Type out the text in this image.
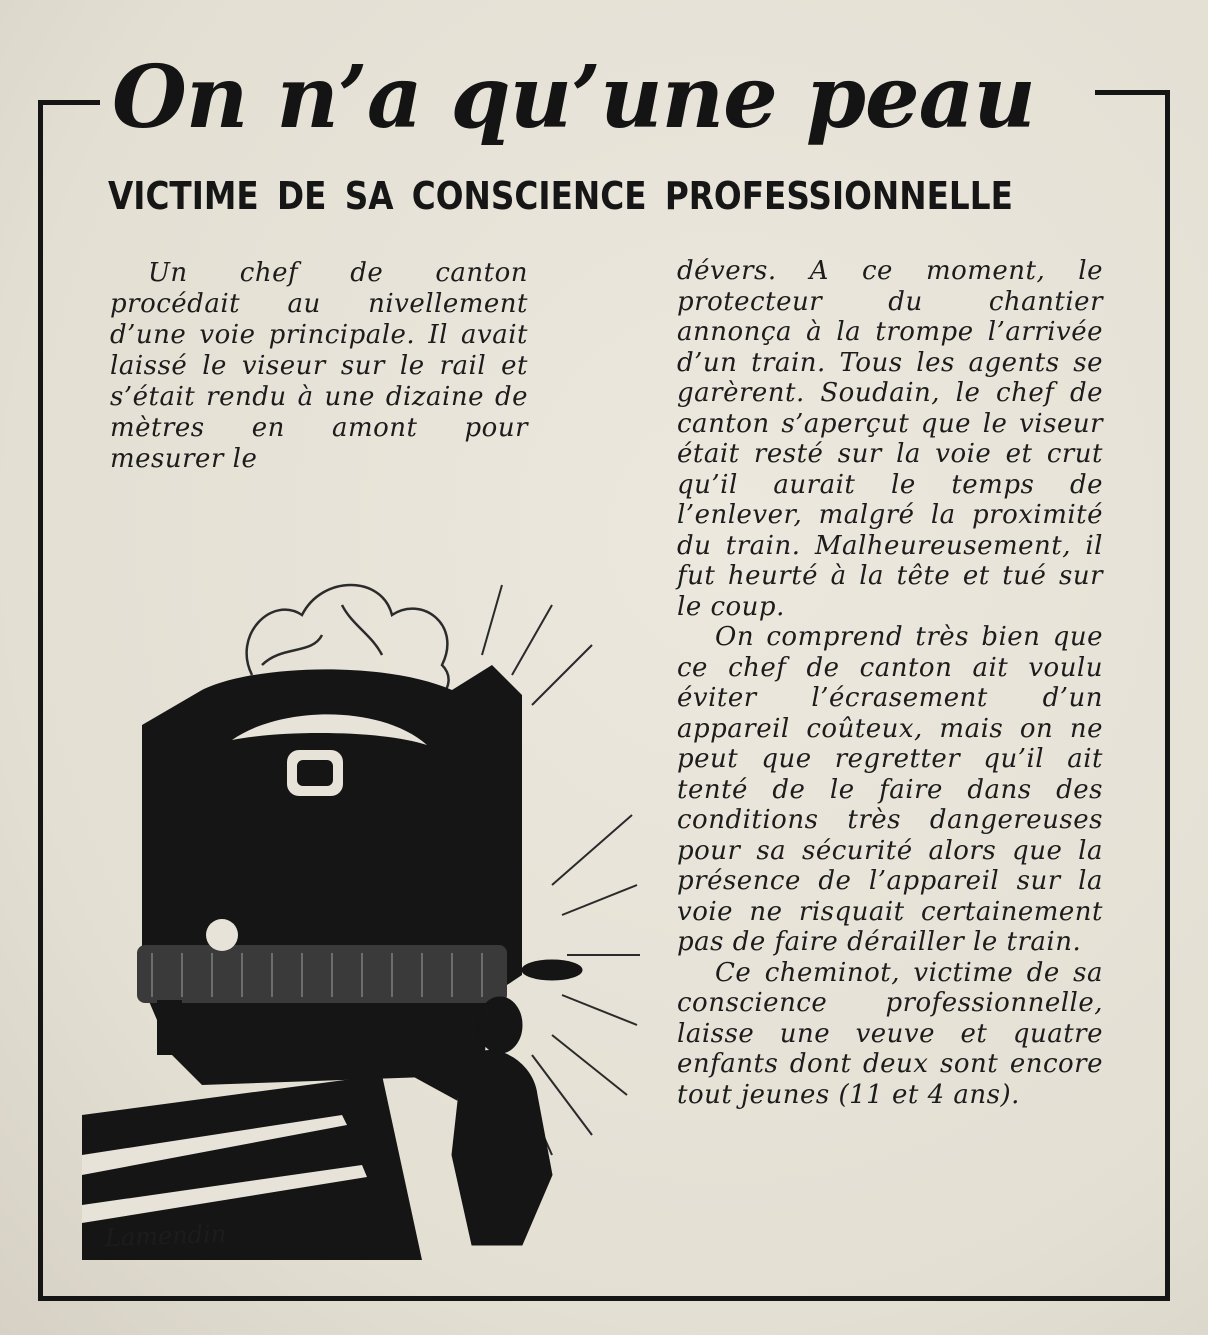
On n’a qu’une peau
VICTIME DE SA CONSCIENCE PROFESSIONNELLE

Un chef de canton procédait au nivellement d’une voie principale. Il avait laissé le viseur sur le rail et s’était rendu à une dizaine de mètres en amont pour mesurer le

dévers. A ce moment, le protecteur du chantier annonça à la trompe l’arrivée d’un train. Tous les agents se garèrent. Soudain, le chef de canton s’aperçut que le viseur était resté sur la voie et crut qu’il aurait le temps de l’enlever, malgré la proximité du train. Malheureusement, il fut heurté à la tête et tué sur le coup.

On comprend très bien que ce chef de canton ait voulu éviter l’écrasement d’un appareil coûteux, mais on ne peut que regretter qu’il ait tenté de le faire dans des conditions très dangereuses pour sa sécurité alors que la présence de l’appareil sur la voie ne risquait certainement pas de faire dérailler le train.

Ce cheminot, victime de sa conscience professionnelle, laisse une veuve et quatre enfants dont deux sont encore tout jeunes (11 et 4 ans).

Lamendin
